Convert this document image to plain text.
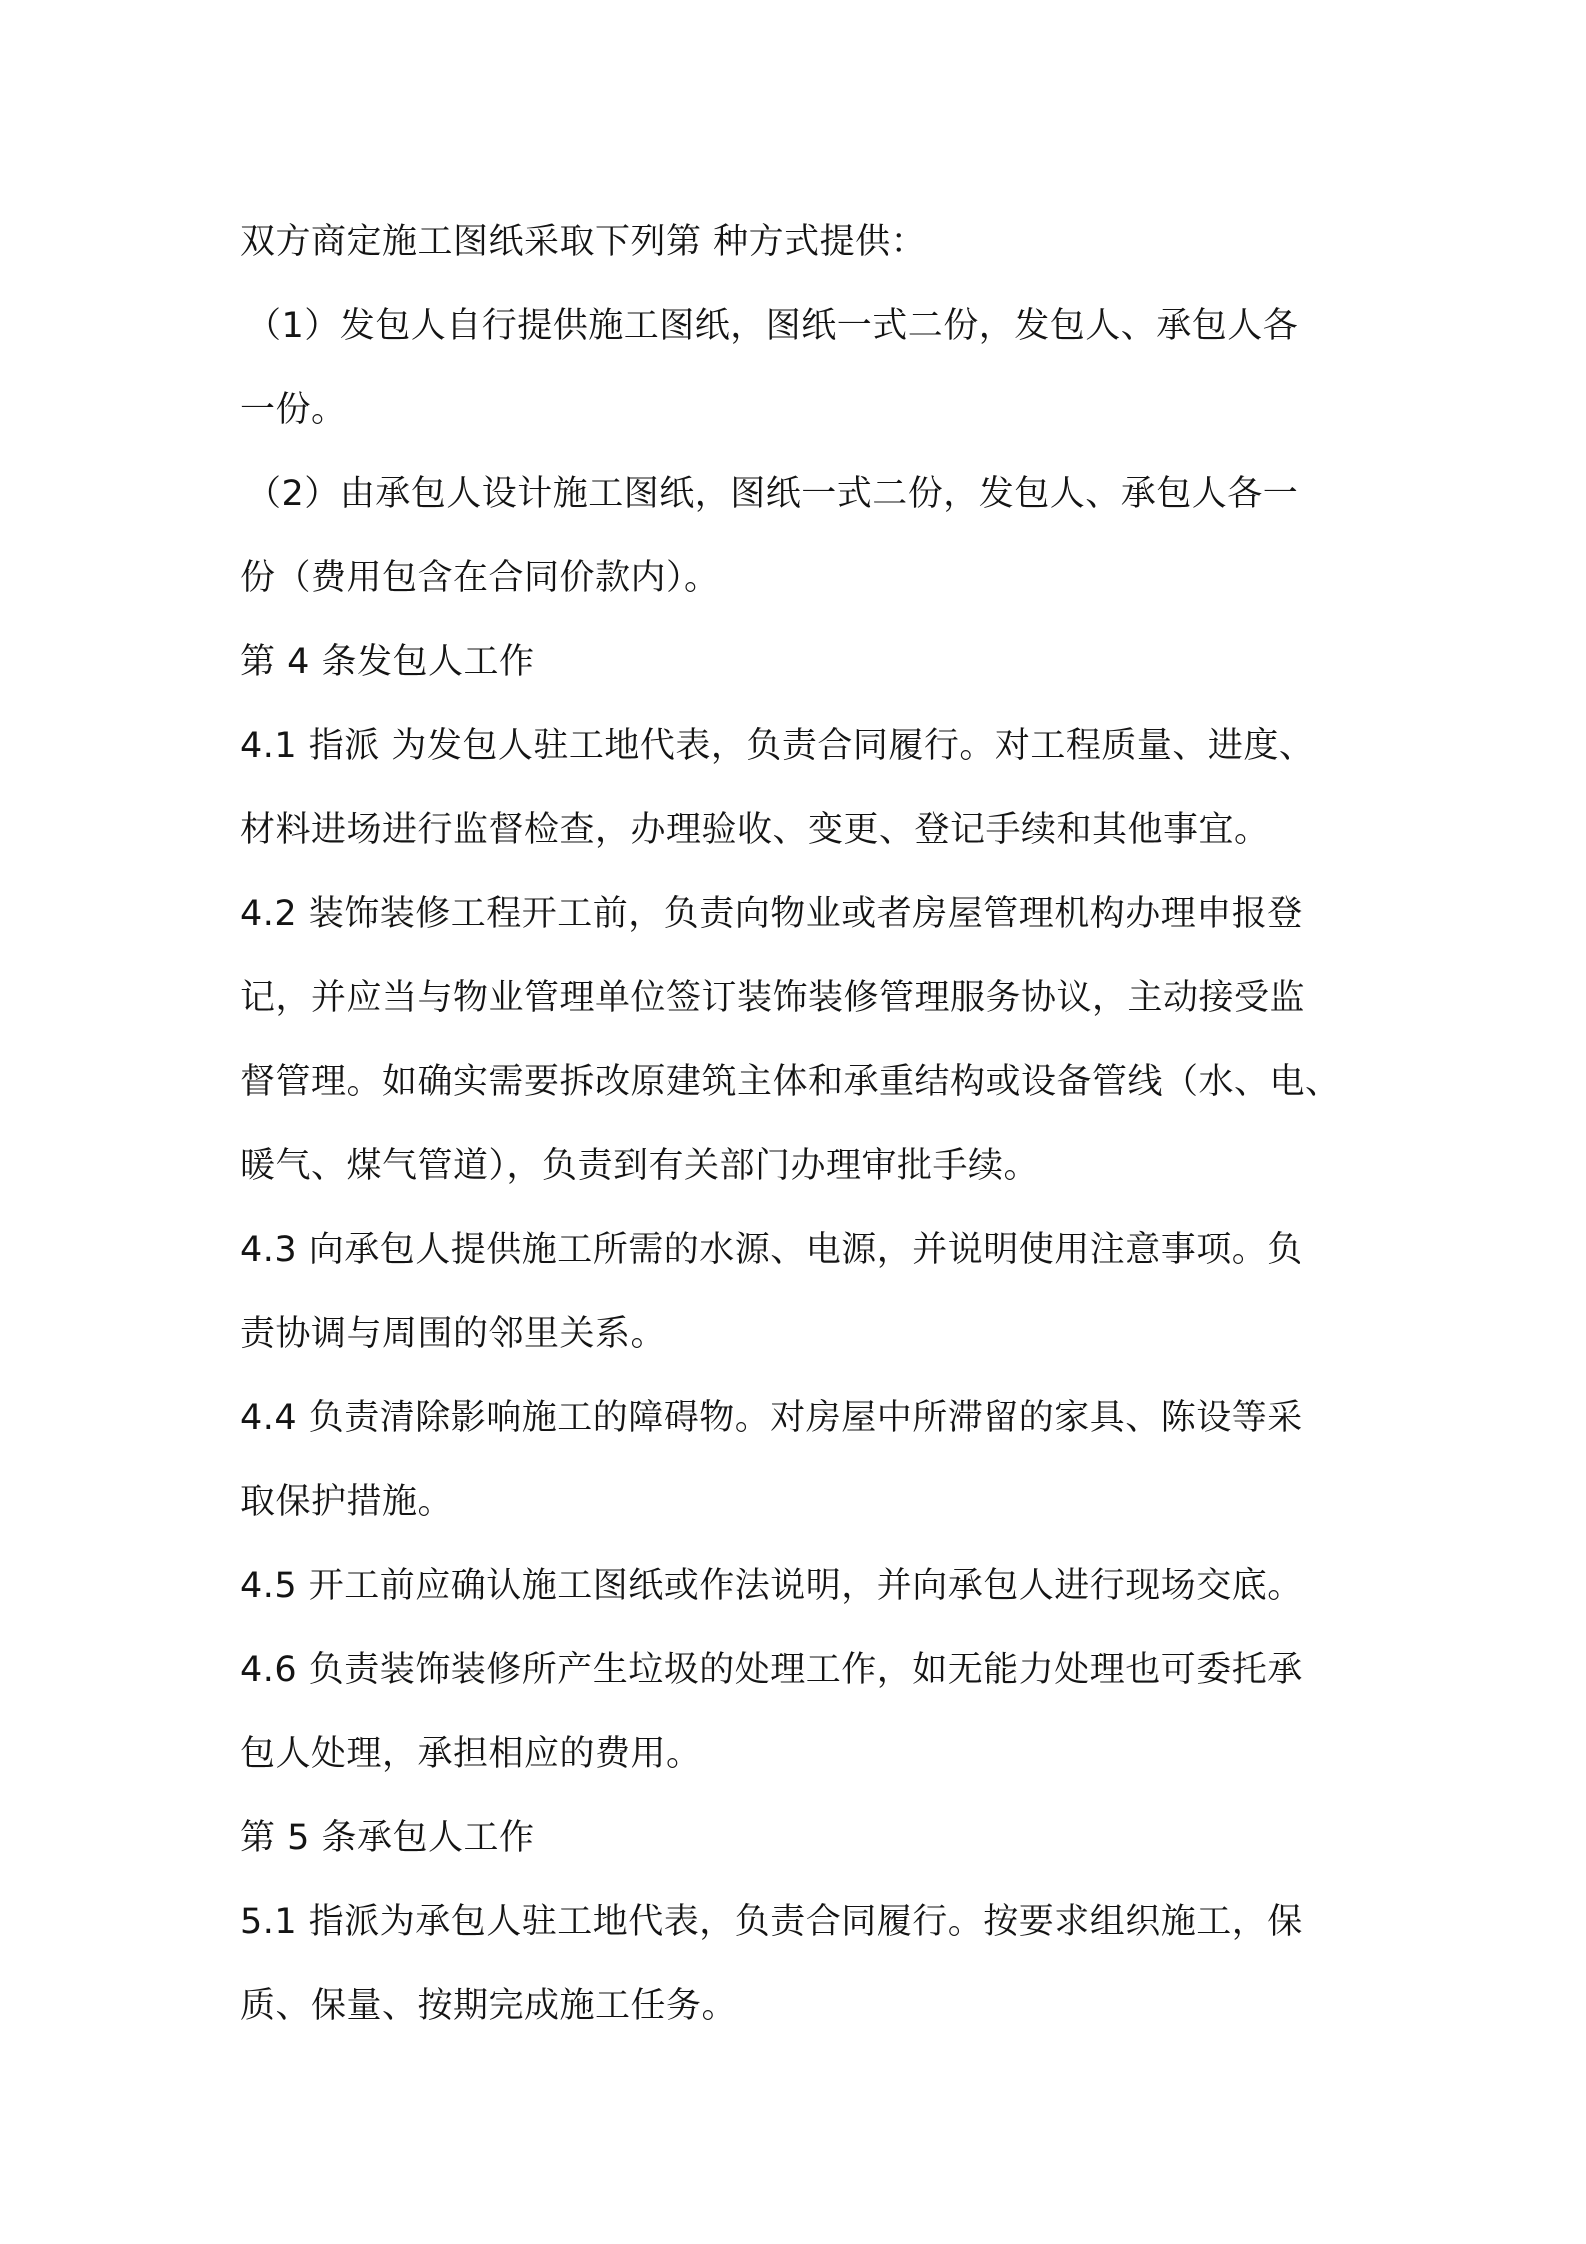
双方商定施工图纸采取下列第 种方式提供：
（1）发包人自行提供施工图纸，图纸一式二份，发包人、承包人各
一份。
（2）由承包人设计施工图纸，图纸一式二份，发包人、承包人各一
份（费用包含在合同价款内）。
第 4 条发包人工作
4.1 指派 为发包人驻工地代表，负责合同履行。对工程质量、进度、
材料进场进行监督检查，办理验收、变更、登记手续和其他事宜。
4.2 装饰装修工程开工前，负责向物业或者房屋管理机构办理申报登
记，并应当与物业管理单位签订装饰装修管理服务协议，主动接受监
督管理。如确实需要拆改原建筑主体和承重结构或设备管线（水、电、
暖气、煤气管道），负责到有关部门办理审批手续。
4.3 向承包人提供施工所需的水源、电源，并说明使用注意事项。负
责协调与周围的邻里关系。
4.4 负责清除影响施工的障碍物。对房屋中所滞留的家具、陈设等采
取保护措施。
4.5 开工前应确认施工图纸或作法说明，并向承包人进行现场交底。
4.6 负责装饰装修所产生垃圾的处理工作，如无能力处理也可委托承
包人处理，承担相应的费用。
第 5 条承包人工作
5.1 指派为承包人驻工地代表，负责合同履行。按要求组织施工，保
质、保量、按期完成施工任务。
